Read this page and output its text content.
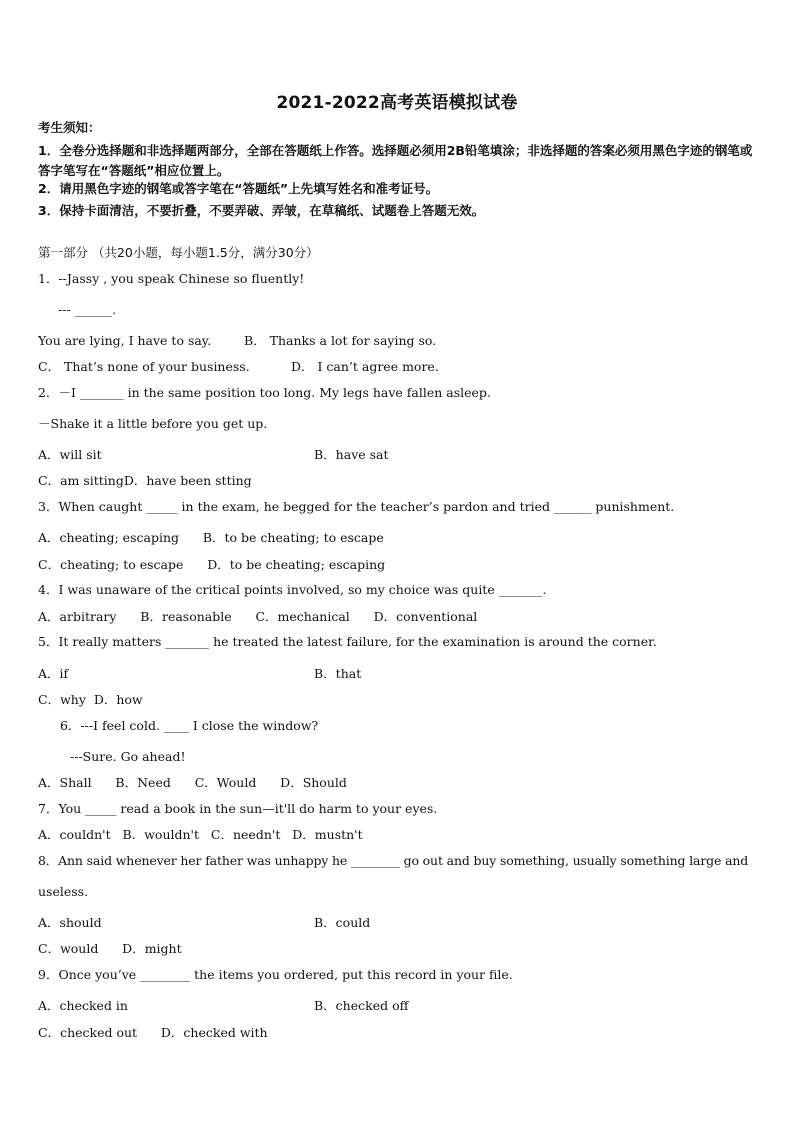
2021-2022高考英语模拟试卷
考生须知：
1．全卷分选择题和非选择题两部分，全部在答题纸上作答。选择题必须用2B铅笔填涂；非选择题的答案必须用黑色字迹的钢笔或答字笔写在“答题纸”相应位置上。
2．请用黑色字迹的钢笔或答字笔在“答题纸”上先填写姓名和准考证号。
3．保持卡面清洁，不要折叠，不要弄破、弄皱，在草稿纸、试题卷上答题无效。
第一部分 （共20小题，每小题1.5分，满分30分）
1．--Jassy , you speak Chinese so fluently!
--- ______.
You are lying, I have to say.	B． Thanks a lot for saying so.
C． That’s none of your business.	D． I can’t agree more.
2．－I _______ in the same position too long. My legs have fallen asleep.
－Shake it a little before you get up.
A．will sit	B．have sat
C．am sittingD．have been stting
3．When caught _____ in the exam, he begged for the teacher’s pardon and tried ______ punishment.
A．cheating; escaping      B．to be cheating; to escape
C．cheating; to escape      D．to be cheating; escaping
4．I was unaware of the critical points involved, so my choice was quite _______.
A．arbitrary      B．reasonable      C．mechanical      D．conventional
5．It really matters _______ he treated the latest failure, for the examination is around the corner.
A．if	B．that
C．why  D．how
6．---I feel cold. ____ I close the window?
---Sure. Go ahead!
A．Shall      B．Need      C．Would      D．Should
7．You _____ read a book in the sun—it'll do harm to your eyes.
A．couldn't   B．wouldn't   C．needn't   D．mustn't
8．Ann said whenever her father was unhappy he ________ go out and buy something, usually something large and
useless.
A．should	B．could
C．would      D．might
9．Once you’ve ________ the items you ordered, put this record in your file.
A．checked in	B．checked off
C．checked out      D．checked with
